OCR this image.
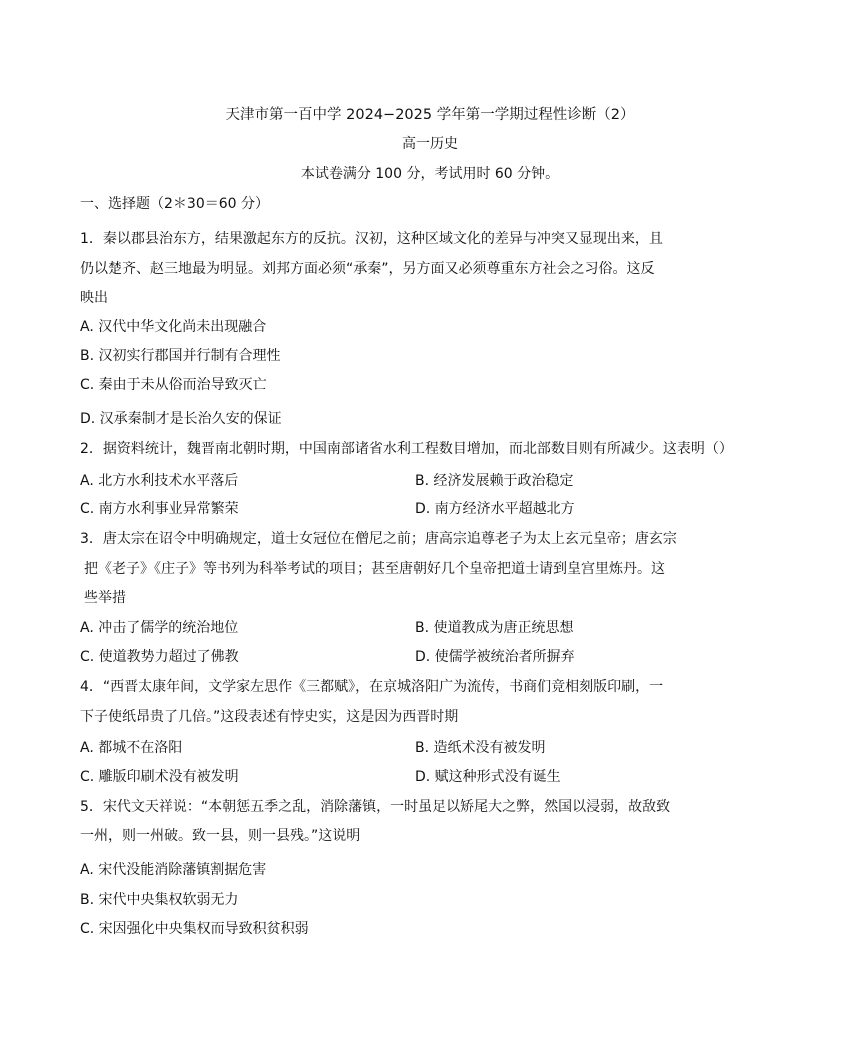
天津市第一百中学 2024−2025 学年第一学期过程性诊断（2）
高一历史
本试卷满分 100 分，考试用时 60 分钟。
一、选择题（2＊30＝60 分）
1．秦以郡县治东方，结果激起东方的反抗。汉初，这种区域文化的差异与冲突又显现出来，且
仍以楚齐、赵三地最为明显。刘邦方面必须“承秦”，另方面又必须尊重东方社会之习俗。这反
映出
A. 汉代中华文化尚未出现融合
B. 汉初实行郡国并行制有合理性
C. 秦由于未从俗而治导致灭亡
D. 汉承秦制才是长治久安的保证
2．据资料统计，魏晋南北朝时期，中国南部诸省水利工程数目增加，而北部数目则有所减少。这表明（）
A. 北方水利技术水平落后	B. 经济发展赖于政治稳定
C. 南方水利事业异常繁荣	D. 南方经济水平超越北方
3．唐太宗在诏令中明确规定，道士女冠位在僧尼之前；唐高宗追尊老子为太上玄元皇帝；唐玄宗
把《老子》《庄子》等书列为科举考试的项目；甚至唐朝好几个皇帝把道士请到皇宫里炼丹。这
些举措
A. 冲击了儒学的统治地位	B. 使道教成为唐正统思想
C. 使道教势力超过了佛教	D. 使儒学被统治者所摒弃
4．“西晋太康年间，文学家左思作《三都赋》，在京城洛阳广为流传，书商们竞相刻版印刷，一
下子使纸昂贵了几倍。”这段表述有悖史实，这是因为西晋时期
A. 都城不在洛阳	B. 造纸术没有被发明
C. 雕版印刷术没有被发明	D. 赋这种形式没有诞生
5．宋代文天祥说：“本朝惩五季之乱，消除藩镇，一时虽足以矫尾大之弊，然国以浸弱，故敌致
一州，则一州破。致一县，则一县残。”这说明
A. 宋代没能消除藩镇割据危害
B. 宋代中央集权软弱无力
C. 宋因强化中央集权而导致积贫积弱
